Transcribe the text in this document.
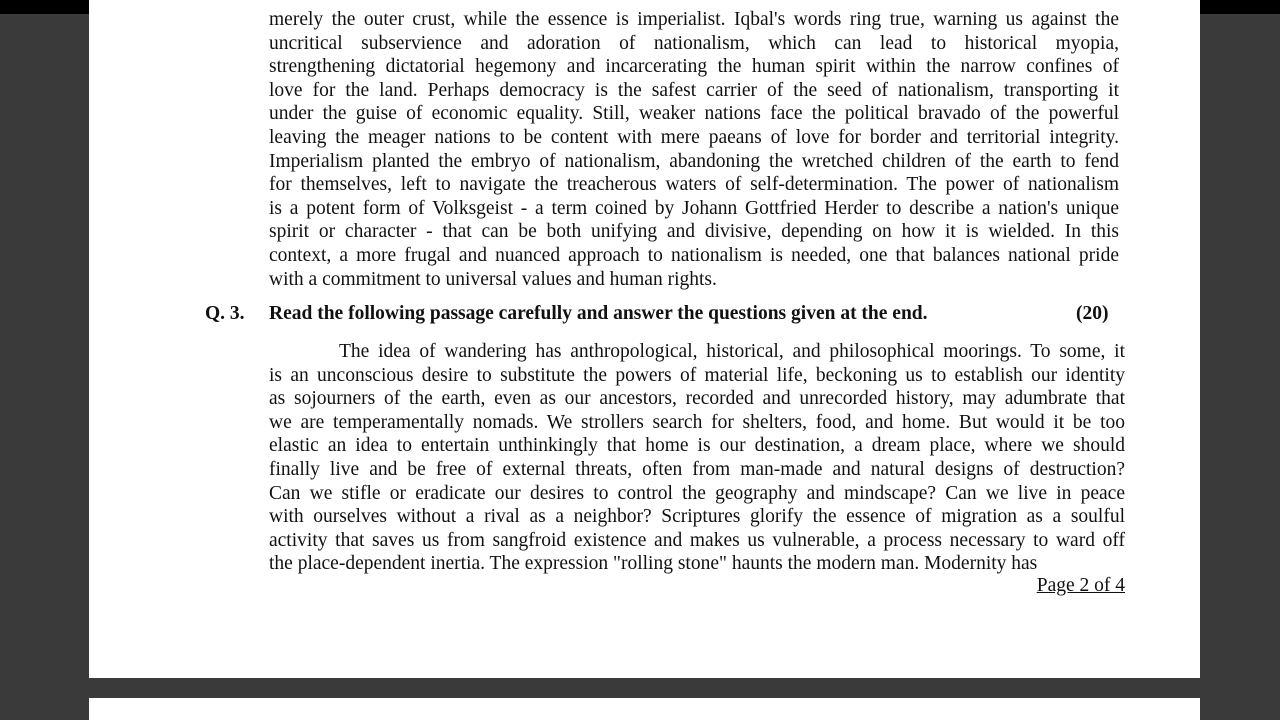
merely the outer crust, while the essence is imperialist. Iqbal's words ring true, warning us against the
uncritical subservience and adoration of nationalism, which can lead to historical myopia,
strengthening dictatorial hegemony and incarcerating the human spirit within the narrow confines of
love for the land. Perhaps democracy is the safest carrier of the seed of nationalism, transporting it
under the guise of economic equality. Still, weaker nations face the political bravado of the powerful
leaving the meager nations to be content with mere paeans of love for border and territorial integrity.
Imperialism planted the embryo of nationalism, abandoning the wretched children of the earth to fend
for themselves, left to navigate the treacherous waters of self-determination. The power of nationalism
is a potent form of Volksgeist - a term coined by Johann Gottfried Herder to describe a nation's unique
spirit or character - that can be both unifying and divisive, depending on how it is wielded. In this
context, a more frugal and nuanced approach to nationalism is needed, one that balances national pride
with a commitment to universal values and human rights.
Q. 3. Read the following passage carefully and answer the questions given at the end.	(20)
The idea of wandering has anthropological, historical, and philosophical moorings. To some, it
is an unconscious desire to substitute the powers of material life, beckoning us to establish our identity
as sojourners of the earth, even as our ancestors, recorded and unrecorded history, may adumbrate that
we are temperamentally nomads. We strollers search for shelters, food, and home. But would it be too
elastic an idea to entertain unthinkingly that home is our destination, a dream place, where we should
finally live and be free of external threats, often from man-made and natural designs of destruction?
Can we stifle or eradicate our desires to control the geography and mindscape? Can we live in peace
with ourselves without a rival as a neighbor? Scriptures glorify the essence of migration as a soulful
activity that saves us from sangfroid existence and makes us vulnerable, a process necessary to ward off
the place-dependent inertia. The expression "rolling stone" haunts the modern man. Modernity has
Page 2 of 4
